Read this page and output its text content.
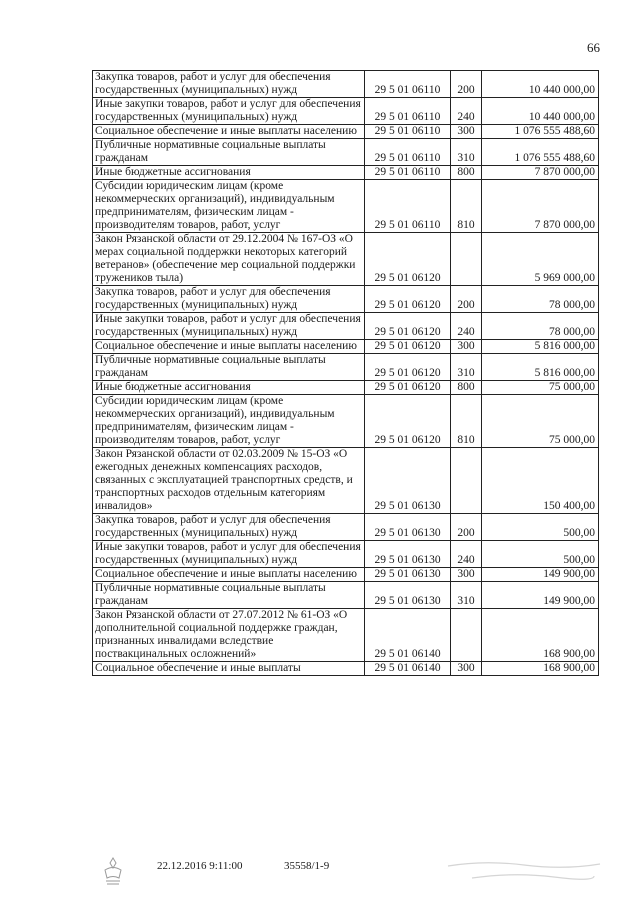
66
Закупка товаров, работ и услуг для обеспечения государственных (муниципальных) нужд	29 5 01 06110	200	10 440 000,00
Иные закупки товаров, работ и услуг для обеспечения государственных (муниципальных) нужд	29 5 01 06110	240	10 440 000,00
Социальное обеспечение и иные выплаты населению	29 5 01 06110	300	1 076 555 488,60
Публичные нормативные социальные выплаты гражданам	29 5 01 06110	310	1 076 555 488,60
Иные бюджетные ассигнования	29 5 01 06110	800	7 870 000,00
Субсидии юридическим лицам (кроме некоммерческих организаций), индивидуальным предпринимателям, физическим лицам - производителям товаров, работ, услуг	29 5 01 06110	810	7 870 000,00
Закон Рязанской области от 29.12.2004 № 167-ОЗ «О мерах социальной поддержки некоторых категорий ветеранов» (обеспечение мер социальной поддержки тружеников тыла)	29 5 01 06120		5 969 000,00
Закупка товаров, работ и услуг для обеспечения государственных (муниципальных) нужд	29 5 01 06120	200	78 000,00
Иные закупки товаров, работ и услуг для обеспечения государственных (муниципальных) нужд	29 5 01 06120	240	78 000,00
Социальное обеспечение и иные выплаты населению	29 5 01 06120	300	5 816 000,00
Публичные нормативные социальные выплаты гражданам	29 5 01 06120	310	5 816 000,00
Иные бюджетные ассигнования	29 5 01 06120	800	75 000,00
Субсидии юридическим лицам (кроме некоммерческих организаций), индивидуальным предпринимателям, физическим лицам - производителям товаров, работ, услуг	29 5 01 06120	810	75 000,00
Закон Рязанской области от 02.03.2009 № 15-ОЗ «О ежегодных денежных компенсациях расходов, связанных с эксплуатацией транспортных средств, и транспортных расходов отдельным категориям инвалидов»	29 5 01 06130		150 400,00
Закупка товаров, работ и услуг для обеспечения государственных (муниципальных) нужд	29 5 01 06130	200	500,00
Иные закупки товаров, работ и услуг для обеспечения государственных (муниципальных) нужд	29 5 01 06130	240	500,00
Социальное обеспечение и иные выплаты населению	29 5 01 06130	300	149 900,00
Публичные нормативные социальные выплаты гражданам	29 5 01 06130	310	149 900,00
Закон Рязанской области от 27.07.2012 № 61-ОЗ «О дополнительной социальной поддержке граждан, признанных инвалидами вследствие поствакцинальных осложнений»	29 5 01 06140		168 900,00
Социальное обеспечение и иные выплаты	29 5 01 06140	300	168 900,00
22.12.2016 9:11:00	35558/1-9
